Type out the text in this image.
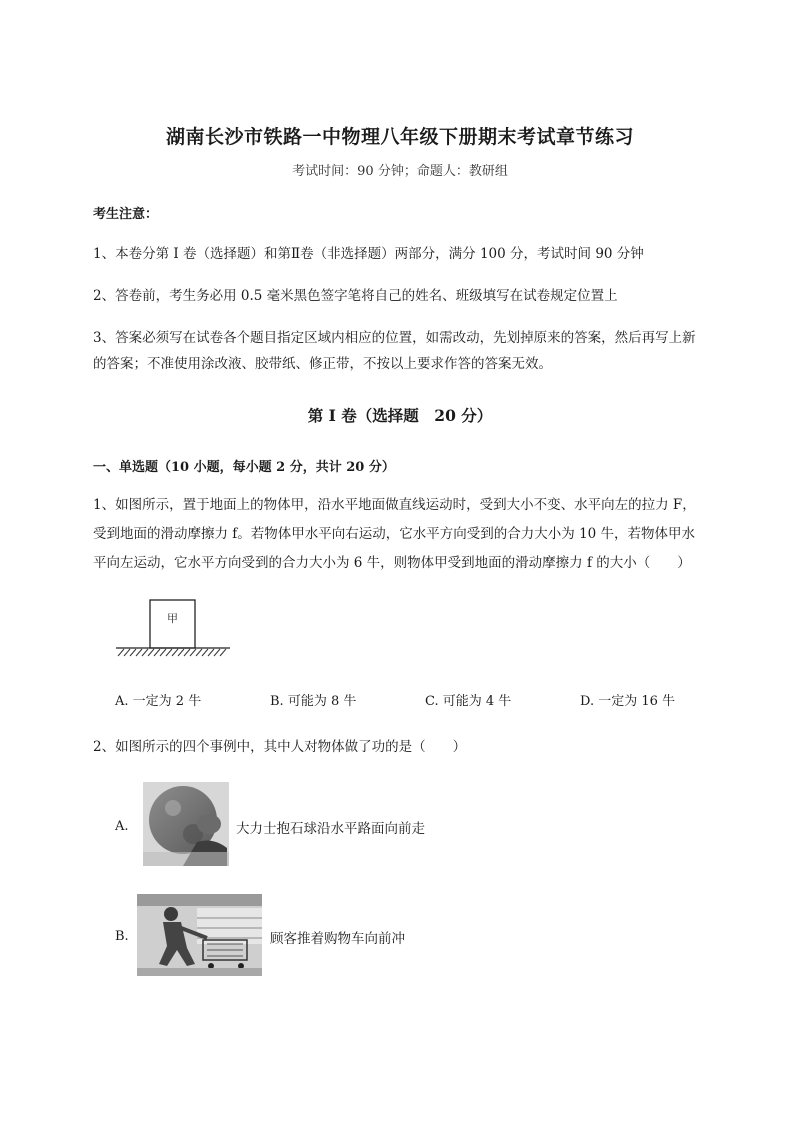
湖南长沙市铁路一中物理八年级下册期末考试章节练习
考试时间：90 分钟；命题人：教研组
考生注意：
1、本卷分第 I 卷（选择题）和第Ⅱ卷（非选择题）两部分，满分 100 分，考试时间 90 分钟
2、答卷前，考生务必用 0.5 毫米黑色签字笔将自己的姓名、班级填写在试卷规定位置上
3、答案必须写在试卷各个题目指定区域内相应的位置，如需改动，先划掉原来的答案，然后再写上新
的答案；不准使用涂改液、胶带纸、修正带，不按以上要求作答的答案无效。
第 I 卷（选择题　20 分）
一、单选题（10 小题，每小题 2 分，共计 20 分）
1、如图所示，置于地面上的物体甲，沿水平地面做直线运动时，受到大小不变、水平向左的拉力 F，
受到地面的滑动摩擦力 f。若物体甲水平向右运动，它水平方向受到的合力大小为 10 牛，若物体甲水
平向左运动，它水平方向受到的合力大小为 6 牛，则物体甲受到地面的滑动摩擦力 f 的大小（　　）
甲
A. 一定为 2 牛	B. 可能为 8 牛	C. 可能为 4 牛	D. 一定为 16 牛
2、如图所示的四个事例中，其中人对物体做了功的是（　　）
A.	大力士抱石球沿水平路面向前走
B.	顾客推着购物车向前冲
